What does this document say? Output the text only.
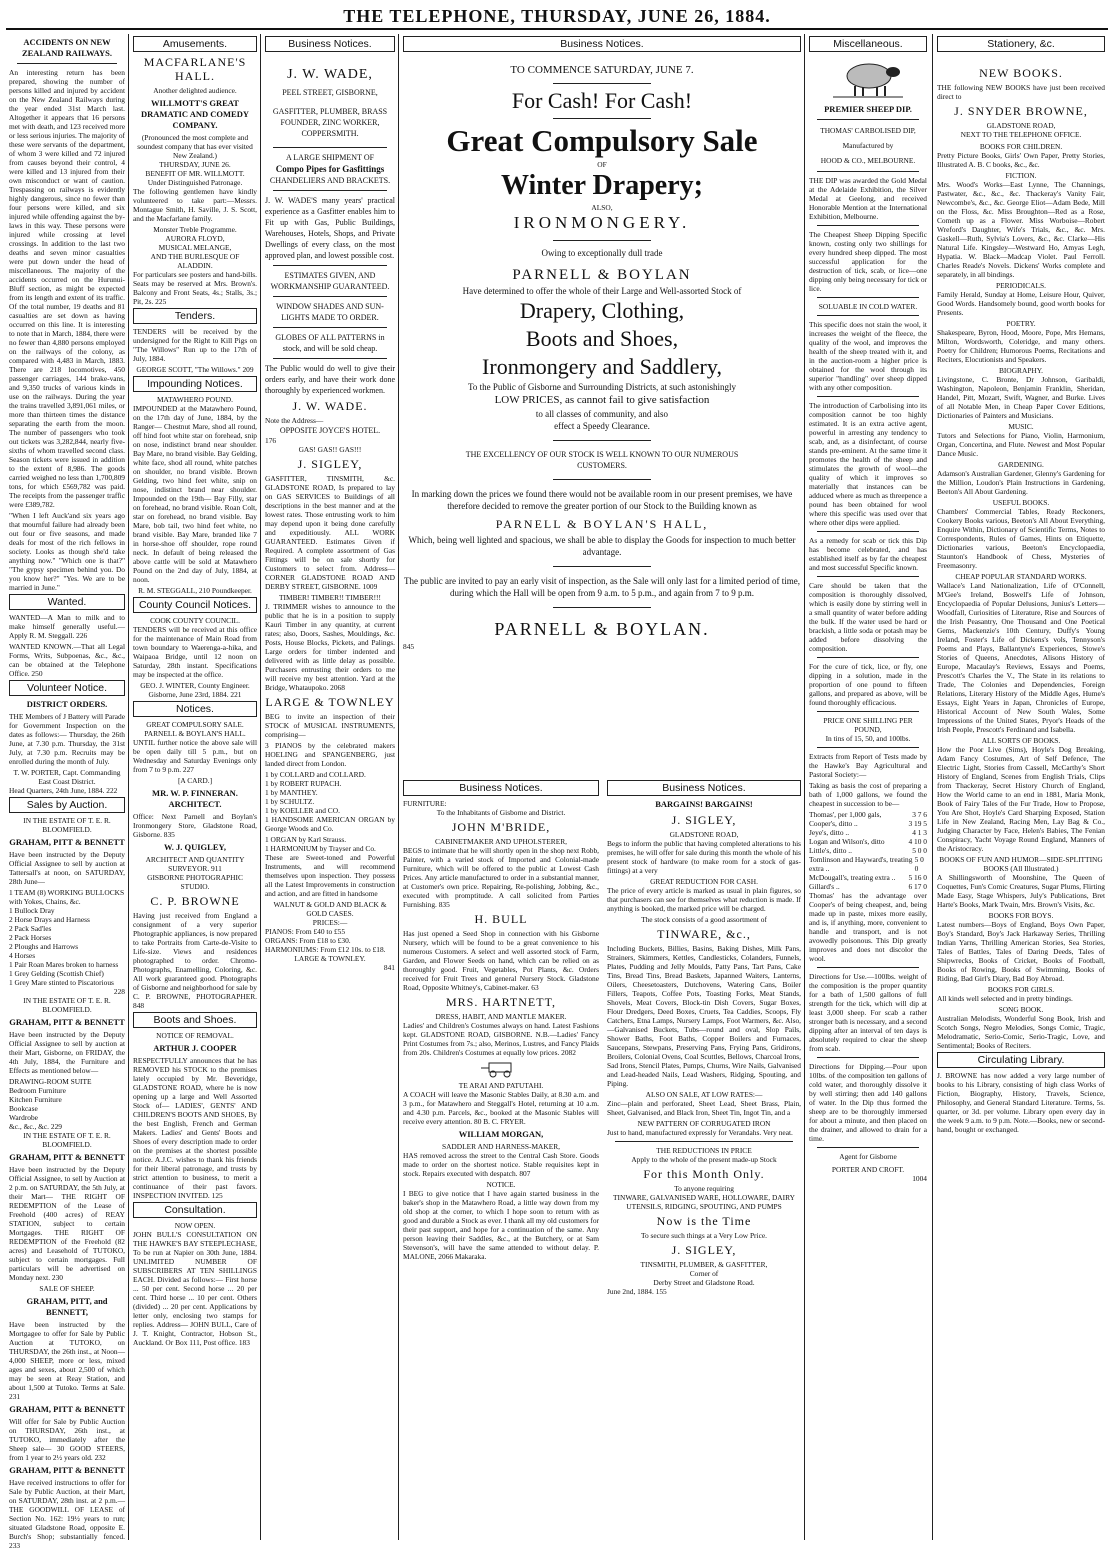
THE TELEPHONE, THURSDAY, JUNE 26, 1884.
ACCIDENTS ON NEW ZEALAND RAILWAYS.
An interesting return has been prepared, showing the number of persons killed and injured by accident on the New Zealand Railways during the year ended 31st March last. Altogether it appears that 16 persons met with death, and 123 received more or less serious injuries. The majority of these were servants of the department, of whom 3 were killed and 72 injured from causes beyond their control, 4 were killed and 13 injured from their own misconduct or want of caution. Trespassing on railways is evidently highly dangerous, since no fewer than four persons were killed, and six injured while offending against the by-laws in this way. These persons were injured while crossing at level crossings. In addition to the last two deaths and seven minor casualties were put down under the head of miscellaneous. The majority of the accidents occurred on the Hurunui-Bluff section, as might be expected from its length and extent of its traffic. Of the total number, 19 deaths and 81 casualties are set down as having occurred on this line. It is interesting to note that in March, 1884, there were no fewer than 4,880 persons employed on the railways of the colony, as compared with 4,483 in March, 1883. There are 218 locomotives, 450 passenger carriages, 144 brake-vans, and 9,350 trucks of various kinds in use on the railways. During the year the trains travelled 3,891,061 miles, or more than thirteen times the distance separating the earth from the moon. The number of passengers who took out tickets was 3,282,844, nearly five-sixths of whom travelled second class. Season tickets were issued in addition to the extent of 8,986. The goods carried weighed no less than 1,700,809 tons, for which £569,782 was paid. The receipts from the passenger traffic were £389,782.
"When I left Auck'and six years ago that mournful failure had already been out four or five seasons, and made deals for most of the rich fellows in society. Looks as though she'd take anything now." "Which one is that?" "The gypsy specimen behind you. Do you know her?" "Yes. We are to be married in June."
Wanted.
WANTED—A Man to milk and to make himself generally useful.—Apply R. M. Steggall. 226
WANTED KNOWN.—That all Legal Forms, Writs, Subpoenas, &c., &c., can be obtained at the Telephone Office. 250
Volunteer Notice.
DISTRICT ORDERS.
THE Members of J Battery will Parade for Government Inspection on the dates as follows:— Thursday, the 26th June, at 7.30 p.m. Thursday, the 31st July, at 7.30 p.m. Recruits may be enrolled during the month of July.
T. W. PORTER, Capt. Commanding East Coast District.
Head Quarters, 24th June, 1884. 222
Sales by Auction.
IN THE ESTATE OF T. E. R. BLOOMFIELD.
GRAHAM, PITT & BENNETT
Have been instructed by the Deputy Official Assignee to sell by auction at Tattersall's at noon, on SATURDAY, 28th June—
1 TEAM (8) WORKING BULLOCKS with Yokes, Chains, &c.
1 Bullock Dray
2 Horse Drays and Harness
2 Pack Sad'les
2 Pack Horses
2 Ploughs and Harrows
4 Horses
1 Pair Roan Mares broken to harness
1 Grey Gelding (Scottish Chief)
1 Grey Mare stinted to Piscatorious
228
IN THE ESTATE OF T. E. R. BLOOMFIELD.
GRAHAM, PITT & BENNETT
Have been instructed by the Deputy Official Assignee to sell by auction at their Mart, Gisborne, on FRIDAY, the 4th July, 1884, the Furniture and Effects as mentioned below—
DRAWING-ROOM SUITE
Bedroom Furniture
Kitchen Furniture
Bookcase
Wardrobe
&c., &c., &c. 229
IN THE ESTATE OF T. E. R. BLOOMFIELD.
GRAHAM, PITT & BENNETT
Have been instructed by the Deputy Official Assignee, to sell by Auction at 2 p.m. on SATURDAY, the 5th July, at their Mart— THE RIGHT OF REDEMPTION of the Lease of Freehold (400 acres) of REAY STATION, subject to certain Mortgages. THE RIGHT OF REDEMPTION of the Freehold (82 acres) and Leasehold of TUTOKO, subject to certain mortgages. Full particulars will be advertised on Monday next. 230
SALE OF SHEEP.
GRAHAM, PITT, and BENNETT,
Have been instructed by the Mortgagee to offer for Sale by Public Auction at TUTOKO, on THURSDAY, the 26th inst., at Noon— 4,000 SHEEP, more or less, mixed ages and sexes, about 2,500 of which may be seen at Reay Station, and about 1,500 at Tutoko. Terms at Sale. 231
GRAHAM, PITT & BENNETT
Will offer for Sale by Public Auction on THURSDAY, 26th inst., at TUTOKO, immediately after the Sheep sale— 30 GOOD STEERS, from 1 year to 2½ years old. 232
GRAHAM, PITT & BENNETT
Have received instructions to offer for Sale by Public Auction, at their Mart, on SATURDAY, 28th inst. at 2 p.m.— THE GOODWILL OF LEASE of Section No. 162: 19½ years to run; situated Gladstone Road, opposite E. Burch's Shop; substantially fenced. 233
Amusements.
MACFARLANE'S HALL.
Another delighted audience.
WILLMOTT'S GREAT DRAMATIC AND COMEDY COMPANY.
(Pronounced the most complete and soundest company that has ever visited New Zealand.)
THURSDAY, JUNE 26.
BENEFIT OF MR. WILLMOTT.
Under Distinguished Patronage.
The following gentlemen have kindly volunteered to take part:—Messrs. Montague Smith, H. Saville, J. S. Scott, and the Macfarlane family.
Monster Treble Programme.
AURORA FLOYD,
MUSICAL MELANGE,
AND THE BURLESQUE OF ALADDIN.
For particulars see posters and hand-bills. Seats may be reserved at Mrs. Brown's. Balcony and Front Seats, 4s.; Stalls, 3s.; Pit, 2s. 225
Tenders.
TENDERS will be received by the undersigned for the Right to Kill Pigs on "The Willows" Run up to the 17th of July, 1884.
GEORGE SCOTT, "The Willows." 209
Impounding Notices.
MATAWHERO POUND.
IMPOUNDED at the Matawhero Pound, on the 17th day of June, 1884, by the Ranger— Chestnut Mare, shod all round, off hind foot white star on forehead, snip on nose, indistinct brand near shoulder. Bay Mare, no brand visible. Bay Gelding, white face, shod all round, white patches on shoulder, no brand visible. Brown Gelding, two hind feet white, snip on nose, indistinct brand near shoulder. Impounded on the 19th— Bay Filly, star on forehead, no brand visible. Roan Colt, star on forehead, no brand visible. Bay Mare, bob tail, two hind feet white, no brand visible. Bay Mare, branded like 7 in horse-shoe off shoulder, rope round neck. In default of being released the above cattle will be sold at Matawhero Pound on the 2nd day of July, 1884, at noon.
R. M. STEGGALL, 210 Poundkeeper.
County Council Notices.
COOK COUNTY COUNCIL.
TENDERS will be received at this office for the maintenance of Main Road from town boundary to Waerenga-a-hika, and Waipaoa Bridge, until 12 noon on Saturday, 28th instant. Specifications may be inspected at the office.
GEO. J. WINTER, County Engineer. Gisborne, June 23rd, 1884. 221
Notices.
GREAT COMPULSORY SALE.
PARNELL & BOYLAN'S HALL.
UNTIL further notice the above sale will be open daily till 5 p.m., but on Wednesday and Saturday Evenings only from 7 to 9 p.m. 227
[A CARD.]
MR. W. P. FINNERAN. ARCHITECT.
Office: Next Parnell and Boylan's Ironmongery Store, Gladstone Road, Gisborne. 835
W. J. QUIGLEY,
ARCHITECT AND QUANTITY SURVEYOR. 911
GISBORNE PHOTOGRAPHIC STUDIO.
C. P. BROWNE
Having just received from England a consignment of a very superior Photographic appliances, is now prepared to take Portraits from Carte-de-Visite to Life-size. Views and residences photographed to order. Chromo-Photographs, Enamelling, Coloring, &c. All work guaranteed good. Photographs of Gisborne and neighborhood for sale by C. P. BROWNE, PHOTOGRAPHER. 848
Boots and Shoes.
NOTICE OF REMOVAL.
ARTHUR J. COOPER
RESPECTFULLY announces that he has REMOVED his STOCK to the premises lately occupied by Mr. Beveridge, GLADSTONE ROAD, where he is now opening up a large and Well Assorted Stock of— LADIES', GENTS' AND CHILDREN'S BOOTS AND SHOES, By the best English, French and German Makers. Ladies' and Gents' Boots and Shoes of every description made to order on the premises at the shortest possible notice. A.J.C. wishes to thank his friends for their liberal patronage, and trusts by strict attention to business, to merit a continuance of their past favors. INSPECTION INVITED. 125
Consultation.
NOW OPEN.
JOHN BULL'S CONSULTATION ON THE HAWKE'S BAY STEEPLECHASE, To be run at Napier on 30th June, 1884. UNLIMITED NUMBER OF SUBSCRIBERS AT TEN SHILLINGS EACH. Divided as follows:— First horse ... 50 per cent. Second horse ... 20 per cent. Third horse ... 10 per cent. Others (divided) ... 20 per cent. Applications by letter only, enclosing two stamps for replies. Address— JOHN BULL, Care of J. T. Knight, Contractor, Hobson St., Auckland. Or Box 111, Post office. 183
Business Notices.
J. W. WADE,
PEEL STREET, GISBORNE,
GASFITTER, PLUMBER, BRASS FOUNDER, ZINC WORKER, COPPERSMITH.
A LARGE SHIPMENT OF
Compo Pipes for Gasfittings
CHANDELIERS AND BRACKETS.
J. W. WADE'S many years' practical experience as a Gasfitter enables him to Fit up with Gas, Public Buildings, Warehouses, Hotels, Shops, and Private Dwellings of every class, on the most approved plan, and lowest possible cost.
ESTIMATES GIVEN, AND WORKMANSHIP GUARANTEED.
WINDOW SHADES AND SUN-LIGHTS MADE TO ORDER.
GLOBES OF ALL PATTERNS in stock, and will be sold cheap.
The Public would do well to give their orders early, and have their work done thoroughly by experienced workmen.
J. W. WADE.
Note the Address—
OPPOSITE JOYCE'S HOTEL.
176
GAS! GAS!! GAS!!!
J. SIGLEY,
GASFITTER, TINSMITH, &c. GLADSTONE ROAD, Is prepared to lay on GAS SERVICES to Buildings of all descriptions in the best manner and at the lowest rates. Those entrusting work to him may depend upon it being done carefully and expeditiously. ALL WORK GUARANTEED. Estimates Given if Required. A complete assortment of Gas Fittings will be on sale shortly for Customers to select from. Address— CORNER GLADSTONE ROAD AND DERBY STREET, GISBORNE. 1009
TIMBER! TIMBER!! TIMBER!!!
J. TRIMMER wishes to announce to the public that he is in a position to supply Kauri Timber in any quantity, at current rates; also, Doors, Sashes, Mouldings, &c. Posts, House Blocks, Pickets, and Palings. Large orders for timber indented and delivered with as little delay as possible. Purchasers entrusting their orders to me will receive my best attention. Yard at the Bridge, Whataupoko. 2068
LARGE & TOWNLEY
BEG to invite an inspection of their STOCK of MUSICAL INSTRUMENTS, comprising—
3 PIANOS by the celebrated makers HOELING and SPANGENBERG, just landed direct from London.
1 by COLLARD and COLLARD.
1 by ROBERT RUPACH.
1 by MANTHEY.
1 by SCHULTZ.
1 by KOELLER and CO.
1 HANDSOME AMERICAN ORGAN by George Woods and Co.
1 ORGAN by Karl Strauss.
1 HARMONIUM by Trayser and Co.
These are Sweet-toned and Powerful Instruments, and will recommend themselves upon inspection. They possess all the Latest Improvements in construction and action, and are fitted in handsome
WALNUT & GOLD AND BLACK & GOLD CASES.
PRICES:—
PIANOS: From £40 to £55
ORGANS: From £18 to £30.
HARMONIUMS: From £12 10s. to £18.
LARGE & TOWNLEY.
841
Business Notices.
TO COMMENCE SATURDAY, JUNE 7.
For Cash! For Cash!
Great Compulsory Sale
OF
Winter Drapery;
ALSO,
IRONMONGERY.
Owing to exceptionally dull trade
PARNELL & BOYLAN
Have determined to offer the whole of their Large and Well-assorted Stock of
Drapery, Clothing,
Boots and Shoes,
Ironmongery and Saddlery,
To the Public of Gisborne and Surrounding Districts, at such astonishingly
LOW PRICES, as cannot fail to give satisfaction
to all classes of community, and also
effect a Speedy Clearance.
THE EXCELLENCY OF OUR STOCK IS WELL KNOWN TO OUR NUMEROUS CUSTOMERS.
In marking down the prices we found there would not be available room in our present premises, we have therefore decided to remove the greater portion of our Stock to the Building known as
PARNELL & BOYLAN'S HALL,
Which, being well lighted and spacious, we shall be able to display the Goods for inspection to much better advantage.
The public are invited to pay an early visit of inspection, as the Sale will only last for a limited period of time, during which the Hall will be open from 9 a.m. to 5 p.m., and again from 7 to 9 p.m.
PARNELL & BOYLAN.
845
Business Notices.
FURNITURE:
To the Inhabitants of Gisborne and District.
JOHN M'BRIDE,
CABINETMAKER AND UPHOLSTERER,
BEGS to intimate that he will shortly open in the shop next Robb, Painter, with a varied stock of Imported and Colonial-made Furniture, which will be offered to the public at Lowest Cash Prices. Any article manufactured to order in a substantial manner, at Customer's own price. Repairing, Re-polishing, Jobbing, &c., executed with promptitude. A call solicited from Parties Furnishing. 835
H. BULL
Has just opened a Seed Shop in connection with his Gisborne Nursery, which will be found to be a great convenience to his numerous Customers. A select and well assorted stock of Farm, Garden, and Flower Seeds on hand, which can be relied on as thoroughly good. Fruit, Vegetables, Pot Plants, &c. Orders received for Fruit Trees and general Nursery Stock. Gladstone Road, Opposite Whitney's, Cabinet-maker. 63
MRS. HARTNETT,
DRESS, HABIT, AND MANTLE MAKER.
Ladies' and Children's Costumes always on hand. Latest Fashions kept. GLADSTONE ROAD, GISBORNE. N.B.—Ladies' Fancy Print Costumes from 7s.; also, Merinos, Lustres, and Fancy Plaids from 20s. Children's Costumes at equally low prices. 2082
TE ARAI AND PATUTAHI.
A COACH will leave the Masonic Stables Daily, at 8.30 a.m. and 3 p.m., for Matawhero and Steggall's Hotel, returning at 10 a.m. and 4.30 p.m. Parcels, &c., booked at the Masonic Stables will receive every attention. 80 B. C. FRYER.
WILLIAM MORGAN,
SADDLER AND HARNESS-MAKER,
HAS removed across the street to the Central Cash Store. Goods made to order on the shortest notice. Stable requisites kept in stock. Repairs executed with despatch. 807
NOTICE.
I BEG to give notice that I have again started business in the baker's shop in the Matawhero Road, a little way down from my old shop at the corner, to which I hope soon to return with as good and durable a Stock as ever. I thank all my old customers for their past support, and hope for a continuation of the same. Any person leaving their Saddles, &c., at the Butchery, or at Sam Stevenson's, will have the same attended to without delay. P. MALONE, 2066 Makaraka.
Business Notices.
BARGAINS! BARGAINS!
J. SIGLEY,
GLADSTONE ROAD,
Begs to inform the public that having completed alterations to his premises, he will offer for sale during this month the whole of his present stock of hardware (to make room for a stock of gas-fittings) at a very
GREAT REDUCTION FOR CASH.
The price of every article is marked as usual in plain figures, so that purchasers can see for themselves what reduction is made. If anything is booked, the marked price will be charged.
The stock consists of a good assortment of
TINWARE, &c.,
Including Buckets, Billies, Basins, Baking Dishes, Milk Pans, Strainers, Skimmers, Kettles, Candlesticks, Colanders, Funnels, Plates, Pudding and Jelly Moulds, Patty Pans, Tart Pans, Cake Tins, Bread Tins, Bread Baskets, Japanned Waiters, Lanterns, Oilers, Cheesetoasters, Dutchovens, Watering Cans, Boiler Fillers, Teapots, Coffee Pots, Toasting Forks, Meat Stands, Shovels, Meat Covers, Block-tin Dish Covers, Sugar Boxes, Flour Dredgers, Deed Boxes, Cruets, Tea Caddies, Scoops, Fly Catchers, Etna Lamps, Nursery Lamps, Foot Warmers, &c. Also,—Galvanised Buckets, Tubs—round and oval, Slop Pails, Shower Baths, Foot Baths, Copper Boilers and Furnaces, Saucepans, Stewpans, Preserving Pans, Frying Pans, Gridirons, Broilers, Colonial Ovens, Coal Scuttles, Bellows, Charcoal Irons, Sad Irons, Stencil Plates, Pumps, Churns, Wire Nails, Galvanised and Lead-headed Nails, Lead Washers, Ridging, Spouting, and Piping.
ALSO ON SALE, AT LOW RATES:—
Zinc—plain and perforated, Sheet Lead, Sheet Brass, Plain, Sheet, Galvanised, and Black Iron, Sheet Tin, Ingot Tin, and a
NEW PATTERN OF CORRUGATED IRON
Just to hand, manufactured expressly for Verandahs. Very neat.
THE REDUCTIONS IN PRICE
Apply to the whole of the present made-up Stock
For this Month Only.
To anyone requiring
TINWARE, GALVANISED WARE, HOLLOWARE, DAIRY UTENSILS, RIDGING, SPOUTING, AND PUMPS
Now is the Time
To secure such things at a Very Low Price.
J. SIGLEY,
TINSMITH, PLUMBER, & GASFITTER,
Corner of
Derby Street and Gladstone Road.
June 2nd, 1884. 155
Miscellaneous.
PREMIER SHEEP DIP.
THOMAS' CARBOLISED DIP,
Manufactured by
HOOD & CO., MELBOURNE.
THE DIP was awarded the Gold Medal at the Adelaide Exhibition, the Silver Medal at Geelong, and received Honorable Mention at the International Exhibition, Melbourne.
The Cheapest Sheep Dipping Specific known, costing only two shillings for every hundred sheep dipped. The most successful application for the destruction of tick, scab, or lice—one dipping only being necessary for tick or lice.
SOLUABLE IN COLD WATER.
This specific does not stain the wool, it increases the weight of the fleece, the quality of the wool, and improves the health of the sheep treated with it, and in the auction-room a higher price is obtained for the wool through its superior "handling" over sheep dipped with any other composition.
The introduction of Carbolising into its composition cannot be too highly estimated. It is an extra active agent, powerful in arresting any tendency to scab, and, as a disinfectant, of course stands pre-eminent. At the same time it promotes the health of the sheep and stimulates the growth of wool—the quality of which it improves so materially that instances can be adduced where as much as threepence a pound has been obtained for wool where this specific was used over that where other dips were applied.
As a remedy for scab or tick this Dip has become celebrated, and has established itself as by far the cheapest and most successful Specific known.
Care should be taken that the composition is thoroughly dissolved, which is easily done by stirring well in a small quantity of water before adding the bulk. If the water used be hard or brackish, a little soda or potash may be added before dissolving the composition.
For the cure of tick, lice, or fly, one dipping in a solution, made in the proportion of one pound to fifteen gallons, and prepared as above, will be found thoroughly efficacious.
PRICE ONE SHILLING PER POUND,
In tins of 15, 50, and 100lbs.
Extracts from Report of Tests made by the Hawke's Bay Agricultural and Pastoral Society:—
Taking as basis the cost of preparing a bath of 1,000 gallons, we found the cheapest in succession to be—
Thomas', per 1,000 gals,	3 7 6
Cooper's, ditto ..	3 19 5
Jeye's, ditto ..	4 1 3
Logan and Wilson's, ditto	4 10 0
Little's, ditto ..	5 0 0
Tomlinson and Hayward's, treating extra ..
5 0 0
McDougall's, treating extra .. 5 16 0
Gillard's ..	6 17 0
Thomas' has the advantage over Cooper's of being cheapest, and, being made up in paste, mixes more easily, and is, if anything, more, convenient to handle and transport, and is not avowedly poisonous. This Dip greatly improves and does not discolor the wool.
Directions for Use.—100lbs. weight of the composition is the proper quantity for a bath of 1,500 gallons of full strength for the tick, which will dip at least 3,000 sheep. For scab a rather stronger bath is necessary, and a second dipping after an interval of ten days is absolutely required to clear the sheep from scab.
Directions for Dipping.—Pour upon 10lbs. of the composition ten gallons of cold water, and thoroughly dissolve it by well stirring; then add 140 gallons of water. In the Dip thus formed the sheep are to be thoroughly immersed for about a minute, and then placed on the drainer, and allowed to drain for a time.
Agent for Gisborne
PORTER AND CROFT.
1004
Stationery, &c.
NEW BOOKS.
THE following NEW BOOKS have just been received direct to
J. SNYDER BROWNE,
GLADSTONE ROAD,
NEXT TO THE TELEPHONE OFFICE.
BOOKS FOR CHILDREN.
Pretty Picture Books, Girls' Own Paper, Pretty Stories, Illustrated A. B. C books, &c., &c.
FICTION.
Mrs. Wood's Works—East Lynne, The Channings, Pastwater, &c., &c., &c. Thackeray's Vanity Fair, Newcombe's, &c., &c. George Eliot—Adam Bede, Mill on the Floss, &c. Miss Broughton—Red as a Rose, Cometh up as a Flower. Miss Worboise—Robert Wreford's Daughter, Wife's Trials, &c., &c. Mrs. Gaskell—Ruth, Sylvia's Lovers, &c., &c. Clarke—His Natural Life. Kingsley—Westward Ho, Amyas Legh, Hypatia. W. Black—Madcap Violet. Paul Ferroll. Charles Reade's Novels. Dickens' Works complete and separately, in all bindings.
PERIODICALS.
Family Herald, Sunday at Home, Leisure Hour, Quiver, Good Words. Handsomely bound, good worth books for Presents.
POETRY.
Shakespeare, Byron, Hood, Moore, Pope, Mrs Hemans, Milton, Wordsworth, Coleridge, and many others. Poetry for Children; Humorous Poems, Recitations and Reciters, Elocutionists and Speakers.
BIOGRAPHY.
Livingstone, C. Bronte, Dr Johnson, Garibaldi, Washington, Napoleon, Benjamin Franklin, Sheridan, Handel, Pitt, Mozart, Swift, Wagner, and Burke. Lives of all Notable Men, in Cheap Paper Cover Editions, Dictionaries of Painters and Musicians.
MUSIC.
Tutors and Selections for Piano, Violin, Harmonium, Organ, Concertina, and Flute. Newest and Most Popular Dance Music.
GARDENING.
Adamson's Australian Gardener, Glenny's Gardening for the Million, Loudon's Plain Instructions in Gardening, Beeton's All About Gardening.
USEFUL BOOKS.
Chambers' Commercial Tables, Ready Reckoners, Cookery Books various, Beeton's All About Everything, Enquire Within, Dictionary of Scientific Terms, Notes to Correspondents, Rules of Games, Hints on Etiquette, Dictionaries various, Beeton's Encyclopaedia, Staunton's Handbook of Chess, Mysteries of Freemasonry.
CHEAP POPULAR STANDARD WORKS.
Wallace's Land Nationalization, Life of O'Connell, M'Gee's Ireland, Boswell's Life of Johnson, Encyclopaedia of Popular Delusions, Junius's Letters—Woodfall, Curiosities of Literature, Rise and Sources of the Irish Peasantry, One Thousand and One Poetical Gems, Mackenzie's 10th Century, Duffy's Young Ireland, Foster's Life of Dickens's vols, Tennyson's Poems and Plays, Ballantyne's Experiences, Stowe's Stories of Queens, Anecdotes, Alisons History of Europe, Macaulay's Reviews, Essays and Poems, Prescott's Charles the V., The State in its relations to Trade, The Colonies and Dependencies, Foreign Relations, Literary History of the Middle Ages, Hume's Essays, Eight Years in Japan, Chronicles of Europe, Historical Account of New South Wales, Some Impressions of the United States, Pryor's Heads of the Irish People, Prescott's Ferdinand and Isabella.
ALL SORTS OF BOOKS.
How the Poor Live (Sims), Hoyle's Dog Breaking, Adam Fancy Costumes, Art of Self Defence, The Electric Light, Stories from Cassell, McCarthy's Short History of England, Scenes from English Trials, Clips from Thackeray, Secret History Church of England, How the World came to an end in 1881, Maria Monk, Book of Fairy Tales of the Fur Trade, How to Propose, You Are Shot, Hoyle's Card Sharping Exposed, Station Life in New Zealand, Racing Men, Lay Bag & Co., Judging Character by Face, Helen's Babies, The Fenian Conspiracy, Yacht Voyage Round England, Manners of the Aristocracy.
BOOKS OF FUN AND HUMOR—SIDE-SPLITTING BOOKS (All Illustrated.)
A Shillingsworth of Moonshine, The Queen of Coquettes, Fun's Comic Creatures, Sugar Plums, Flirting Made Easy, Stage Whispers, July's Publications, Bret Harte's Books, Mark Twain, Mrs. Brown's Visits, &c.
BOOKS FOR BOYS.
Latest numbers—Boys of England, Boys Own Paper, Boy's Standard, Boy's Jack Harkaway Series, Thrilling Indian Yarns, Thrilling American Stories, Sea Stories, Tales of Battles, Tales of Daring Deeds, Tales of Shipwrecks, Books of Cricket, Books of Football, Books of Rowing, Books of Swimming, Books of Riding, Bad Girl's Diary, Bad Boy Abroad.
BOOKS FOR GIRLS.
All kinds well selected and in pretty bindings.
SONG BOOK.
Australian Melodists, Wonderful Song Book, Irish and Scotch Songs, Negro Melodies, Songs Comic, Tragic, Melodramatic, Serio-Comic, Serio-Tragic, Love, and Sentimental; Books of Reciters.
Circulating Library.
J. BROWNE has now added a very large number of books to his Library, consisting of high class Works of Fiction, Biography, History, Travels, Science, Philosophy, and General Standard Literature. Terms, 5s. quarter, or 3d. per volume. Library open every day in the week 9 a.m. to 9 p.m. Note.—Books, new or second-hand, bought or exchanged.
